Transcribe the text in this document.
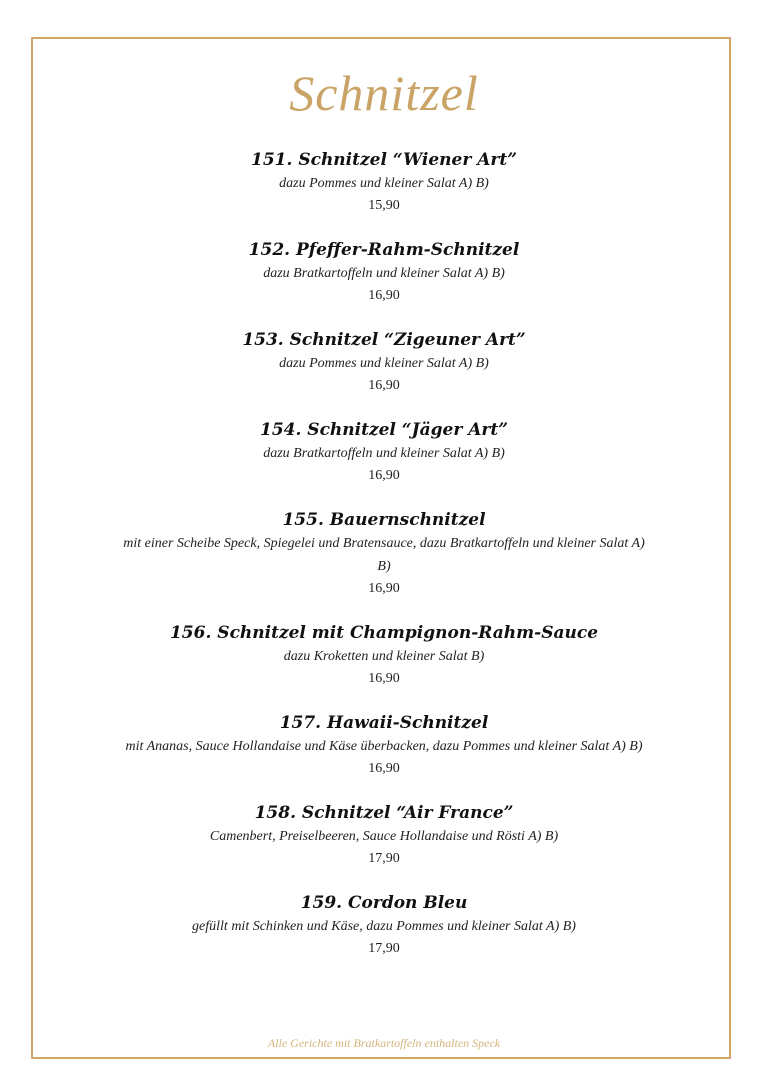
Schnitzel
151. Schnitzel “Wiener Art”
dazu Pommes und kleiner Salat A) B)
15,90
152. Pfeffer-Rahm-Schnitzel
dazu Bratkartoffeln und kleiner Salat A) B)
16,90
153. Schnitzel “Zigeuner Art”
dazu Pommes und kleiner Salat A) B)
16,90
154. Schnitzel “Jäger Art”
dazu Bratkartoffeln und kleiner Salat A) B)
16,90
155. Bauernschnitzel
mit einer Scheibe Speck, Spiegelei und Bratensauce, dazu Bratkartoffeln und kleiner Salat A) B)
16,90
156. Schnitzel mit Champignon-Rahm-Sauce
dazu Kroketten und kleiner Salat B)
16,90
157. Hawaii-Schnitzel
mit Ananas, Sauce Hollandaise und Käse überbacken, dazu Pommes und kleiner Salat A) B)
16,90
158. Schnitzel “Air France”
Camenbert, Preiselbeeren, Sauce Hollandaise und Rösti A) B)
17,90
159. Cordon Bleu
gefüllt mit Schinken und Käse, dazu Pommes und kleiner Salat A) B)
17,90
Alle Gerichte mit Bratkartoffeln enthalten Speck
